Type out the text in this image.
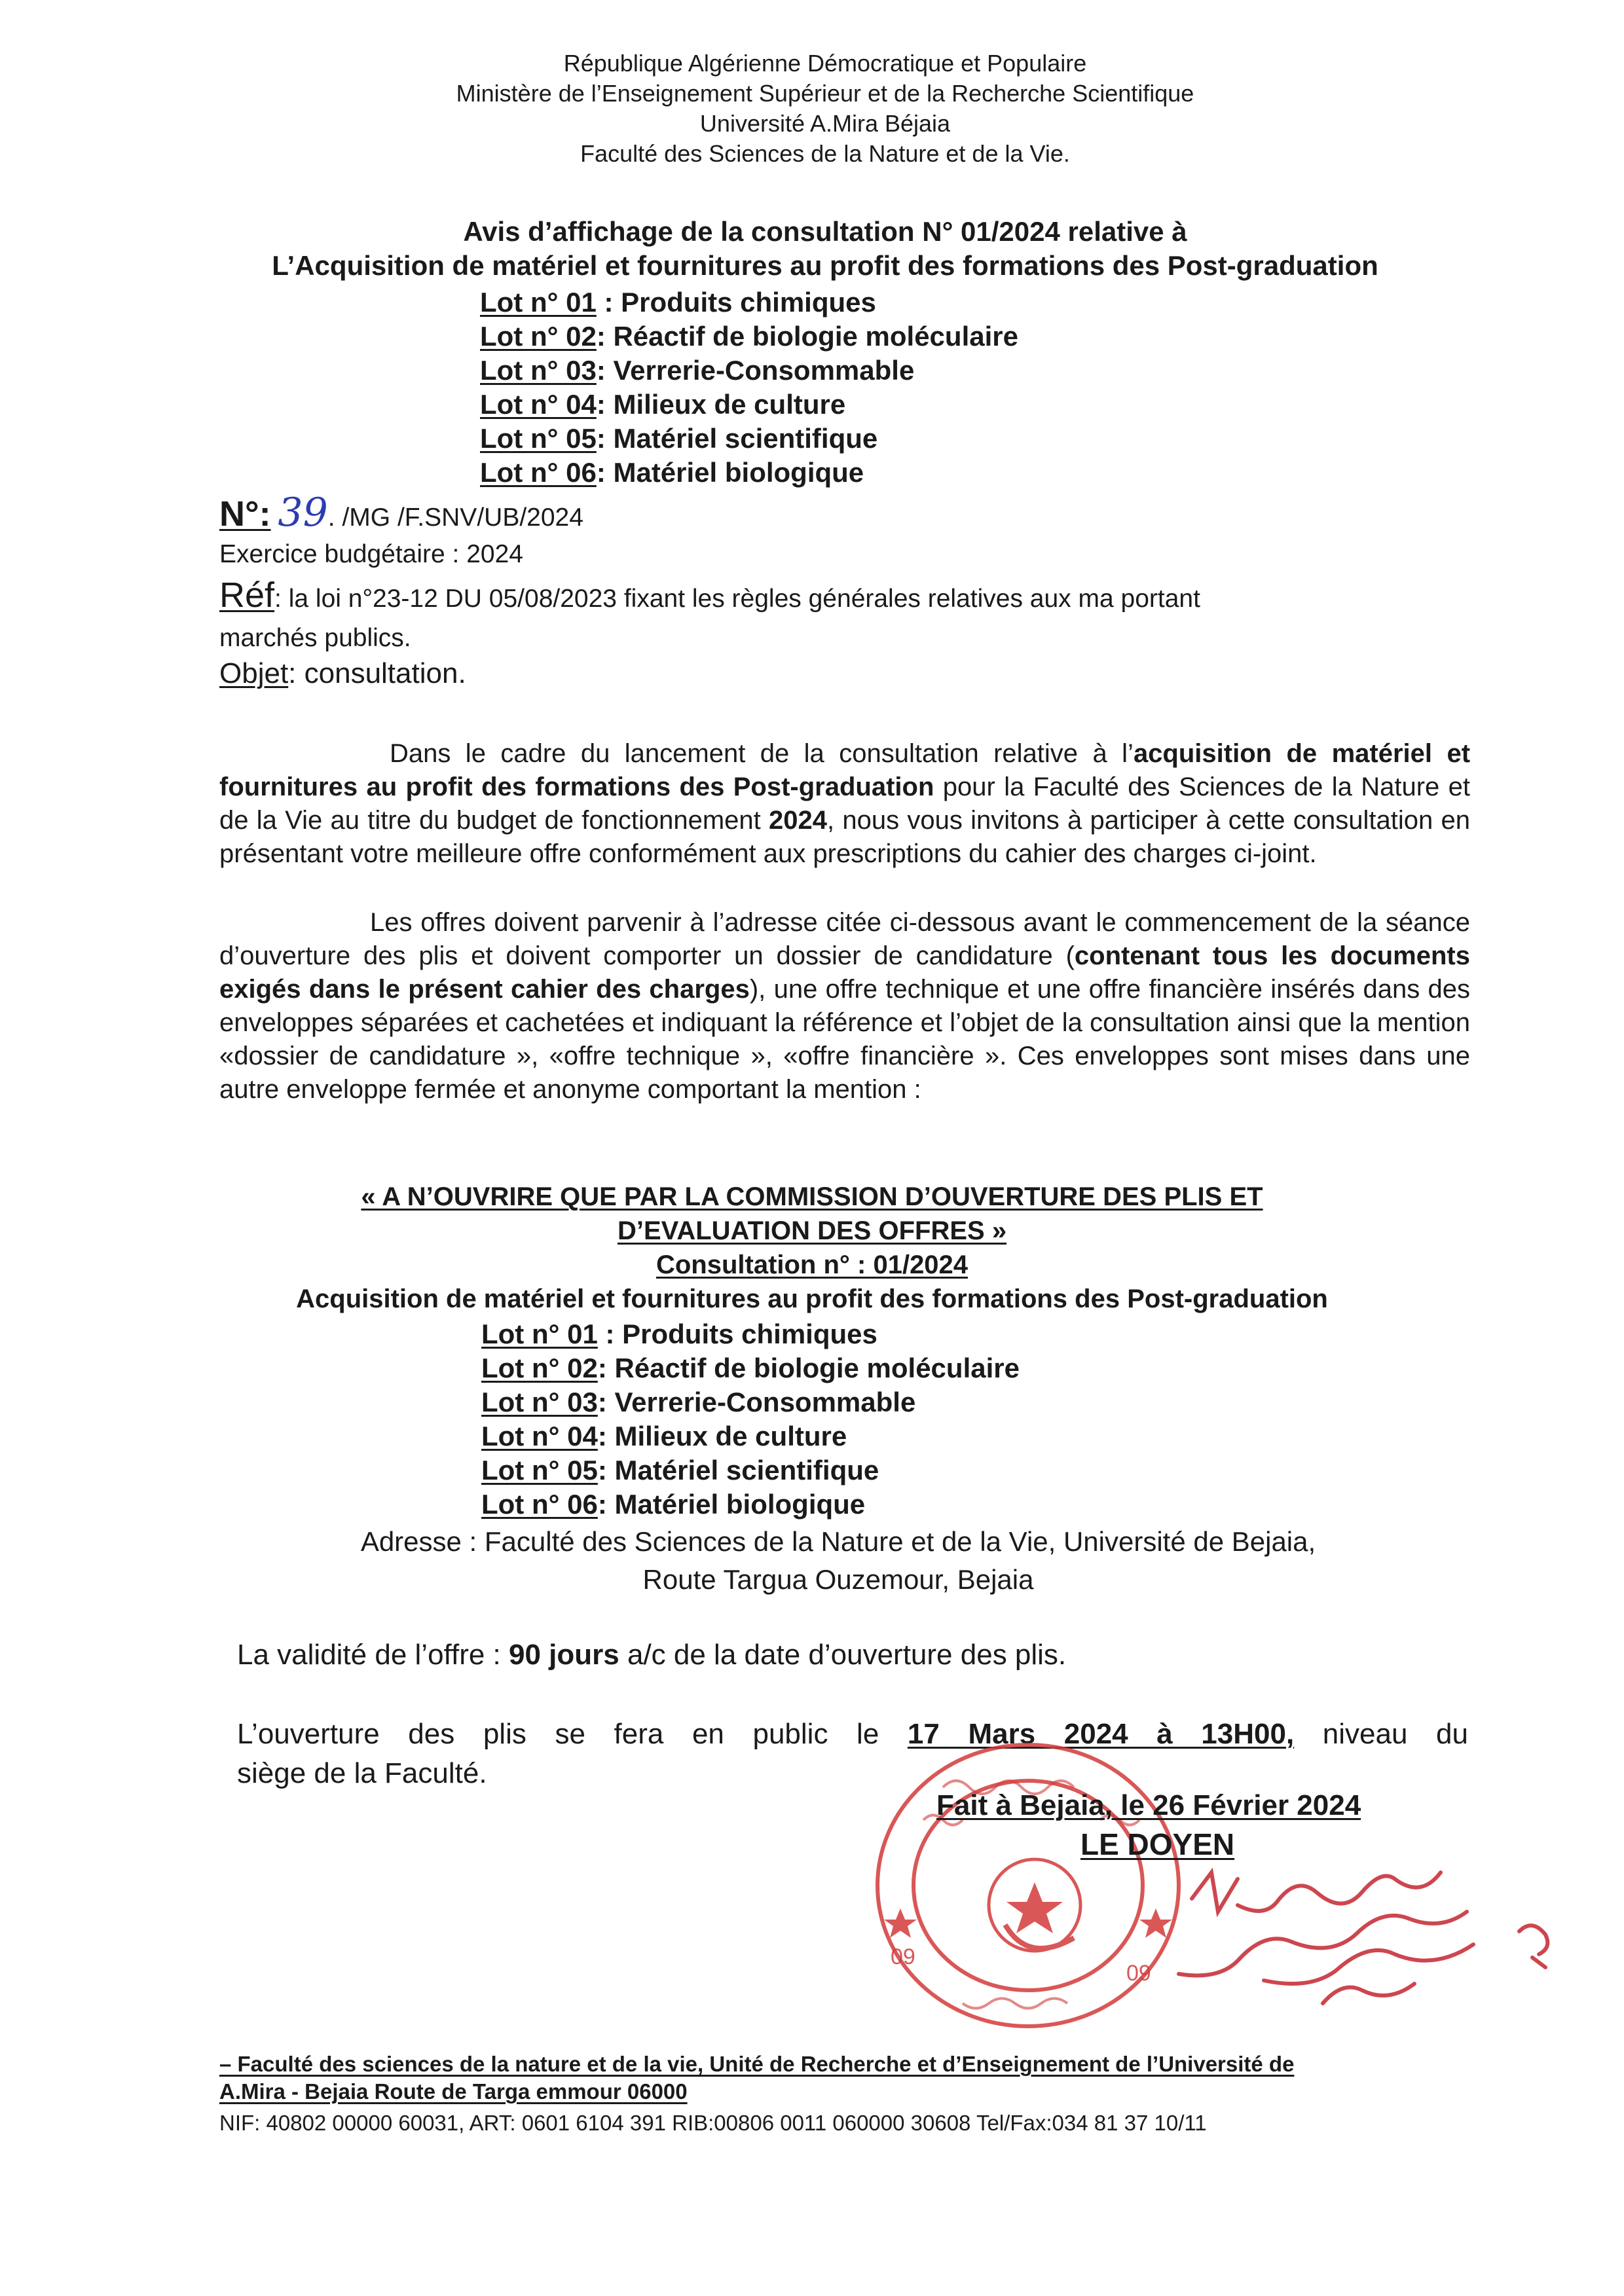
République Algérienne Démocratique et Populaire
Ministère de l’Enseignement Supérieur et de la Recherche Scientifique
Université A.Mira Béjaia
Faculté des Sciences de la Nature et de la Vie.
Avis d’affichage de la consultation N° 01/2024 relative à
L’Acquisition de matériel et fournitures au profit des formations des Post-graduation
Lot n° 01 : Produits chimiques
Lot n° 02: Réactif de biologie moléculaire
Lot n° 03: Verrerie-Consommable
Lot n° 04: Milieux de culture
Lot n° 05: Matériel scientifique
Lot n° 06: Matériel biologique
N°: 39. /MG /F.SNV/UB/2024
Exercice budgétaire : 2024
Réf: la loi n°23-12 DU 05/08/2023 fixant les règles générales relatives aux ma portant
marchés publics.
Objet: consultation.
Dans le cadre du lancement de la consultation relative à l’acquisition de matériel et fournitures au profit des formations des Post-graduation pour la Faculté des Sciences de la Nature et de la Vie au titre du budget de fonctionnement 2024, nous vous invitons à participer à cette consultation en présentant votre meilleure offre conformément aux prescriptions du cahier des charges ci-joint.
Les offres doivent parvenir à l’adresse citée ci-dessous avant le commencement de la séance d’ouverture des plis et doivent comporter un dossier de candidature (contenant tous les documents exigés dans le présent cahier des charges), une offre technique et une offre financière insérés dans des enveloppes séparées et cachetées et indiquant la référence et l’objet de la consultation ainsi que la mention «dossier de candidature », «offre technique », «offre financière ». Ces enveloppes sont mises dans une autre enveloppe fermée et anonyme comportant la mention :
« A N’OUVRIRE QUE PAR LA COMMISSION D’OUVERTURE DES PLIS ET
D’EVALUATION DES OFFRES »
Consultation n° : 01/2024
Acquisition de matériel et fournitures au profit des formations des Post-graduation
Lot n° 01 : Produits chimiques
Lot n° 02: Réactif de biologie moléculaire
Lot n° 03: Verrerie-Consommable
Lot n° 04: Milieux de culture
Lot n° 05: Matériel scientifique
Lot n° 06: Matériel biologique
Adresse : Faculté des Sciences de la Nature et de la Vie, Université de Bejaia,
Route Targua Ouzemour, Bejaia
La validité de l’offre : 90 jours a/c de la date d’ouverture des plis.
L’ouverture des plis se fera en public le 17 Mars 2024 à 13H00, niveau du
siège de la Faculté.
09
09
Fait à Bejaia, le 26 Février 2024
LE DOYEN
– Faculté des sciences de la nature et de la vie, Unité de Recherche et d’Enseignement de l’Université de
A.Mira - Bejaia Route de Targa emmour 06000
NIF: 40802 00000 60031, ART: 0601 6104 391 RIB:00806 0011 060000 30608 Tel/Fax:034 81 37 10/11
